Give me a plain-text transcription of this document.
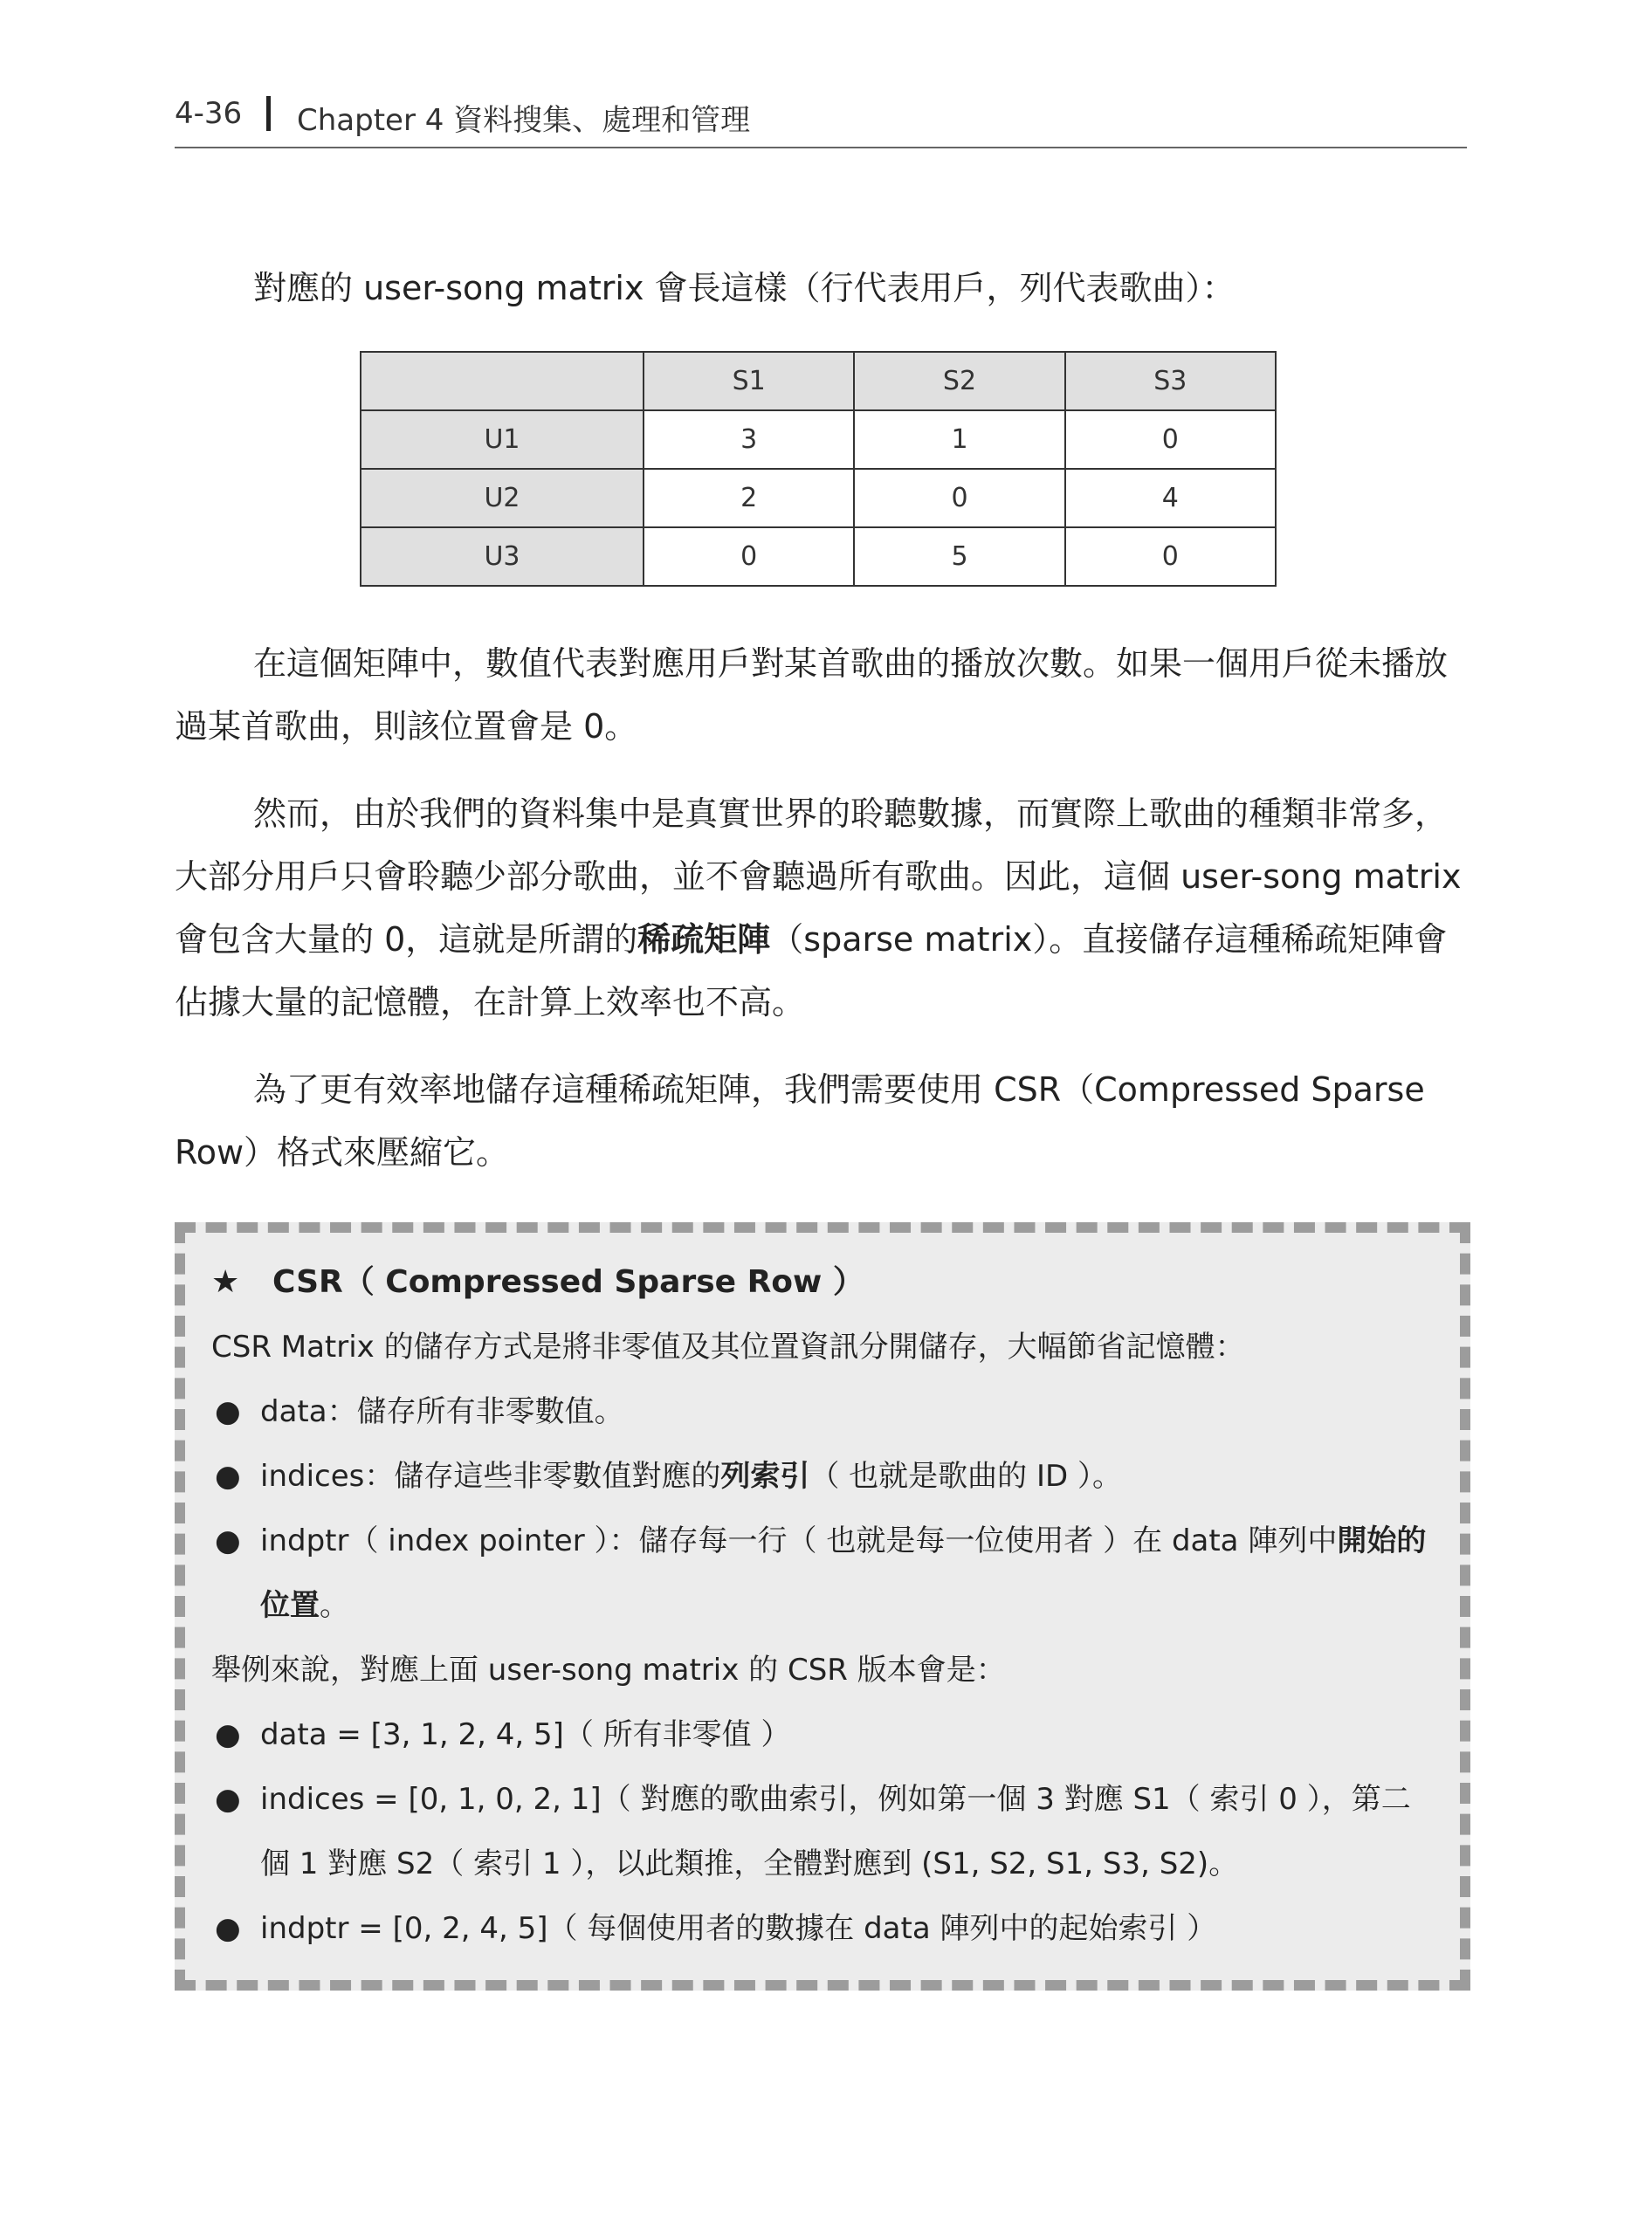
4-36 Chapter 4 資料搜集、處理和管理
對應的 user-song matrix 會長這樣（行代表用戶，列代表歌曲）：
	S1	S2	S3
U1	3	1	0
U2	2	0	4
U3	0	5	0

在這個矩陣中，數值代表對應用戶對某首歌曲的播放次數。如果一個用戶從未播放過某首歌曲，則該位置會是 0。

然而，由於我們的資料集中是真實世界的聆聽數據，而實際上歌曲的種類非常多，大部分用戶只會聆聽少部分歌曲，並不會聽過所有歌曲。因此，這個 user-song matrix 會包含大量的 0，這就是所謂的稀疏矩陣（sparse matrix）。直接儲存這種稀疏矩陣會佔據大量的記憶體，在計算上效率也不高。

為了更有效率地儲存這種稀疏矩陣，我們需要使用 CSR（Compressed Sparse Row）格式來壓縮它。

★ CSR（ Compressed Sparse Row ）
CSR Matrix 的儲存方式是將非零值及其位置資訊分開儲存，大幅節省記憶體：
● data：儲存所有非零數值。
● indices：儲存這些非零數值對應的列索引（ 也就是歌曲的 ID ）。
● indptr（ index pointer ）：儲存每一行（ 也就是每一位使用者 ）在 data 陣列中開始的位置。
舉例來說，對應上面 user-song matrix 的 CSR 版本會是：
● data = [3, 1, 2, 4, 5]（ 所有非零值 ）
● indices = [0, 1, 0, 2, 1]（ 對應的歌曲索引，例如第一個 3 對應 S1（ 索引 0 ），第二個 1 對應 S2（ 索引 1 ），以此類推，全體對應到 (S1, S2, S1, S3, S2)。
● indptr = [0, 2, 4, 5]（ 每個使用者的數據在 data 陣列中的起始索引 ）
